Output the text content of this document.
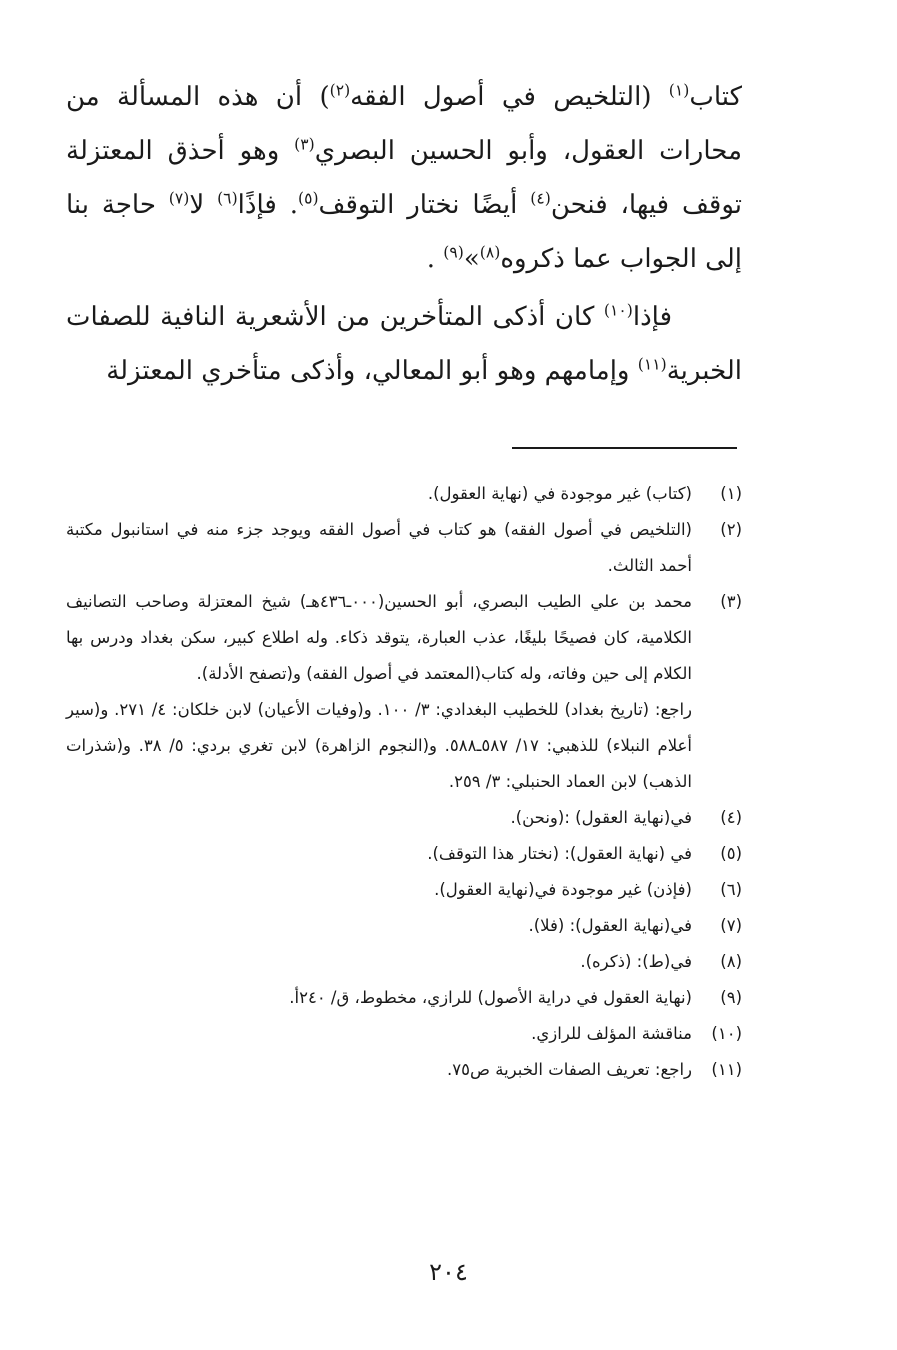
كتاب$^{(١)}$ (التلخيص في أصول الفقه$^{(٢)}$) أن هذه المسألة من محارات العقول، وأبو الحسين البصري$^{(٣)}$ وهو أحذق المعتزلة توقف فيها، فنحن$^{(٤)}$ أيضًا نختار التوقف$^{(٥)}$. فإذًا$^{(٦)}$ لا$^{(٧)}$ حاجة بنا إلى الجواب عما ذكروه$^{(٨)}$»$^{(٩)}$ .

فإذا$^{(١٠)}$ كان أذكى المتأخرين من الأشعرية النافية للصفات الخبرية$^{(١١)}$ وإمامهم وهو أبو المعالي، وأذكى متأخري المعتزلة

(١)

(كتاب) غير موجودة في (نهاية العقول).

(٢)

(التلخيص في أصول الفقه) هو كتاب في أصول الفقه ويوجد جزء منه في استانبول مكتبة أحمد الثالث.

(٣)

محمد بن علي الطيب البصري، أبو الحسين(٠٠٠ـ٤٣٦هـ) شيخ المعتزلة وصاحب التصانيف الكلامية، كان فصيحًا بليغًا، عذب العبارة، يتوقد ذكاء. وله اطلاع كبير، سكن بغداد ودرس بها الكلام إلى حين وفاته، وله كتاب(المعتمد في أصول الفقه) و(تصفح الأدلة).

راجع: (تاريخ بغداد) للخطيب البغدادي: ٣/ ١٠٠. و(وفيات الأعيان) لابن خلكان: ٤/ ٢٧١. و(سير أعلام النبلاء) للذهبي: ١٧/ ٥٨٧ـ٥٨٨. و(النجوم الزاهرة) لابن تغري بردي: ٥/ ٣٨. و(شذرات الذهب) لابن العماد الحنبلي: ٣/ ٢٥٩.

(٤)

في(نهاية العقول) :(ونحن).

(٥)

في (نهاية العقول): (نختار هذا التوقف).

(٦)

(فإذن) غير موجودة في(نهاية العقول).

(٧)

في(نهاية العقول): (فلا).

(٨)

في(ط): (ذكره).

(٩)

(نهاية العقول في دراية الأصول) للرازي، مخطوط، ق/ ٢٤٠أ.

(١٠)

مناقشة المؤلف للرازي.

(١١)

راجع: تعريف الصفات الخبرية ص٧٥.

٢٠٤
